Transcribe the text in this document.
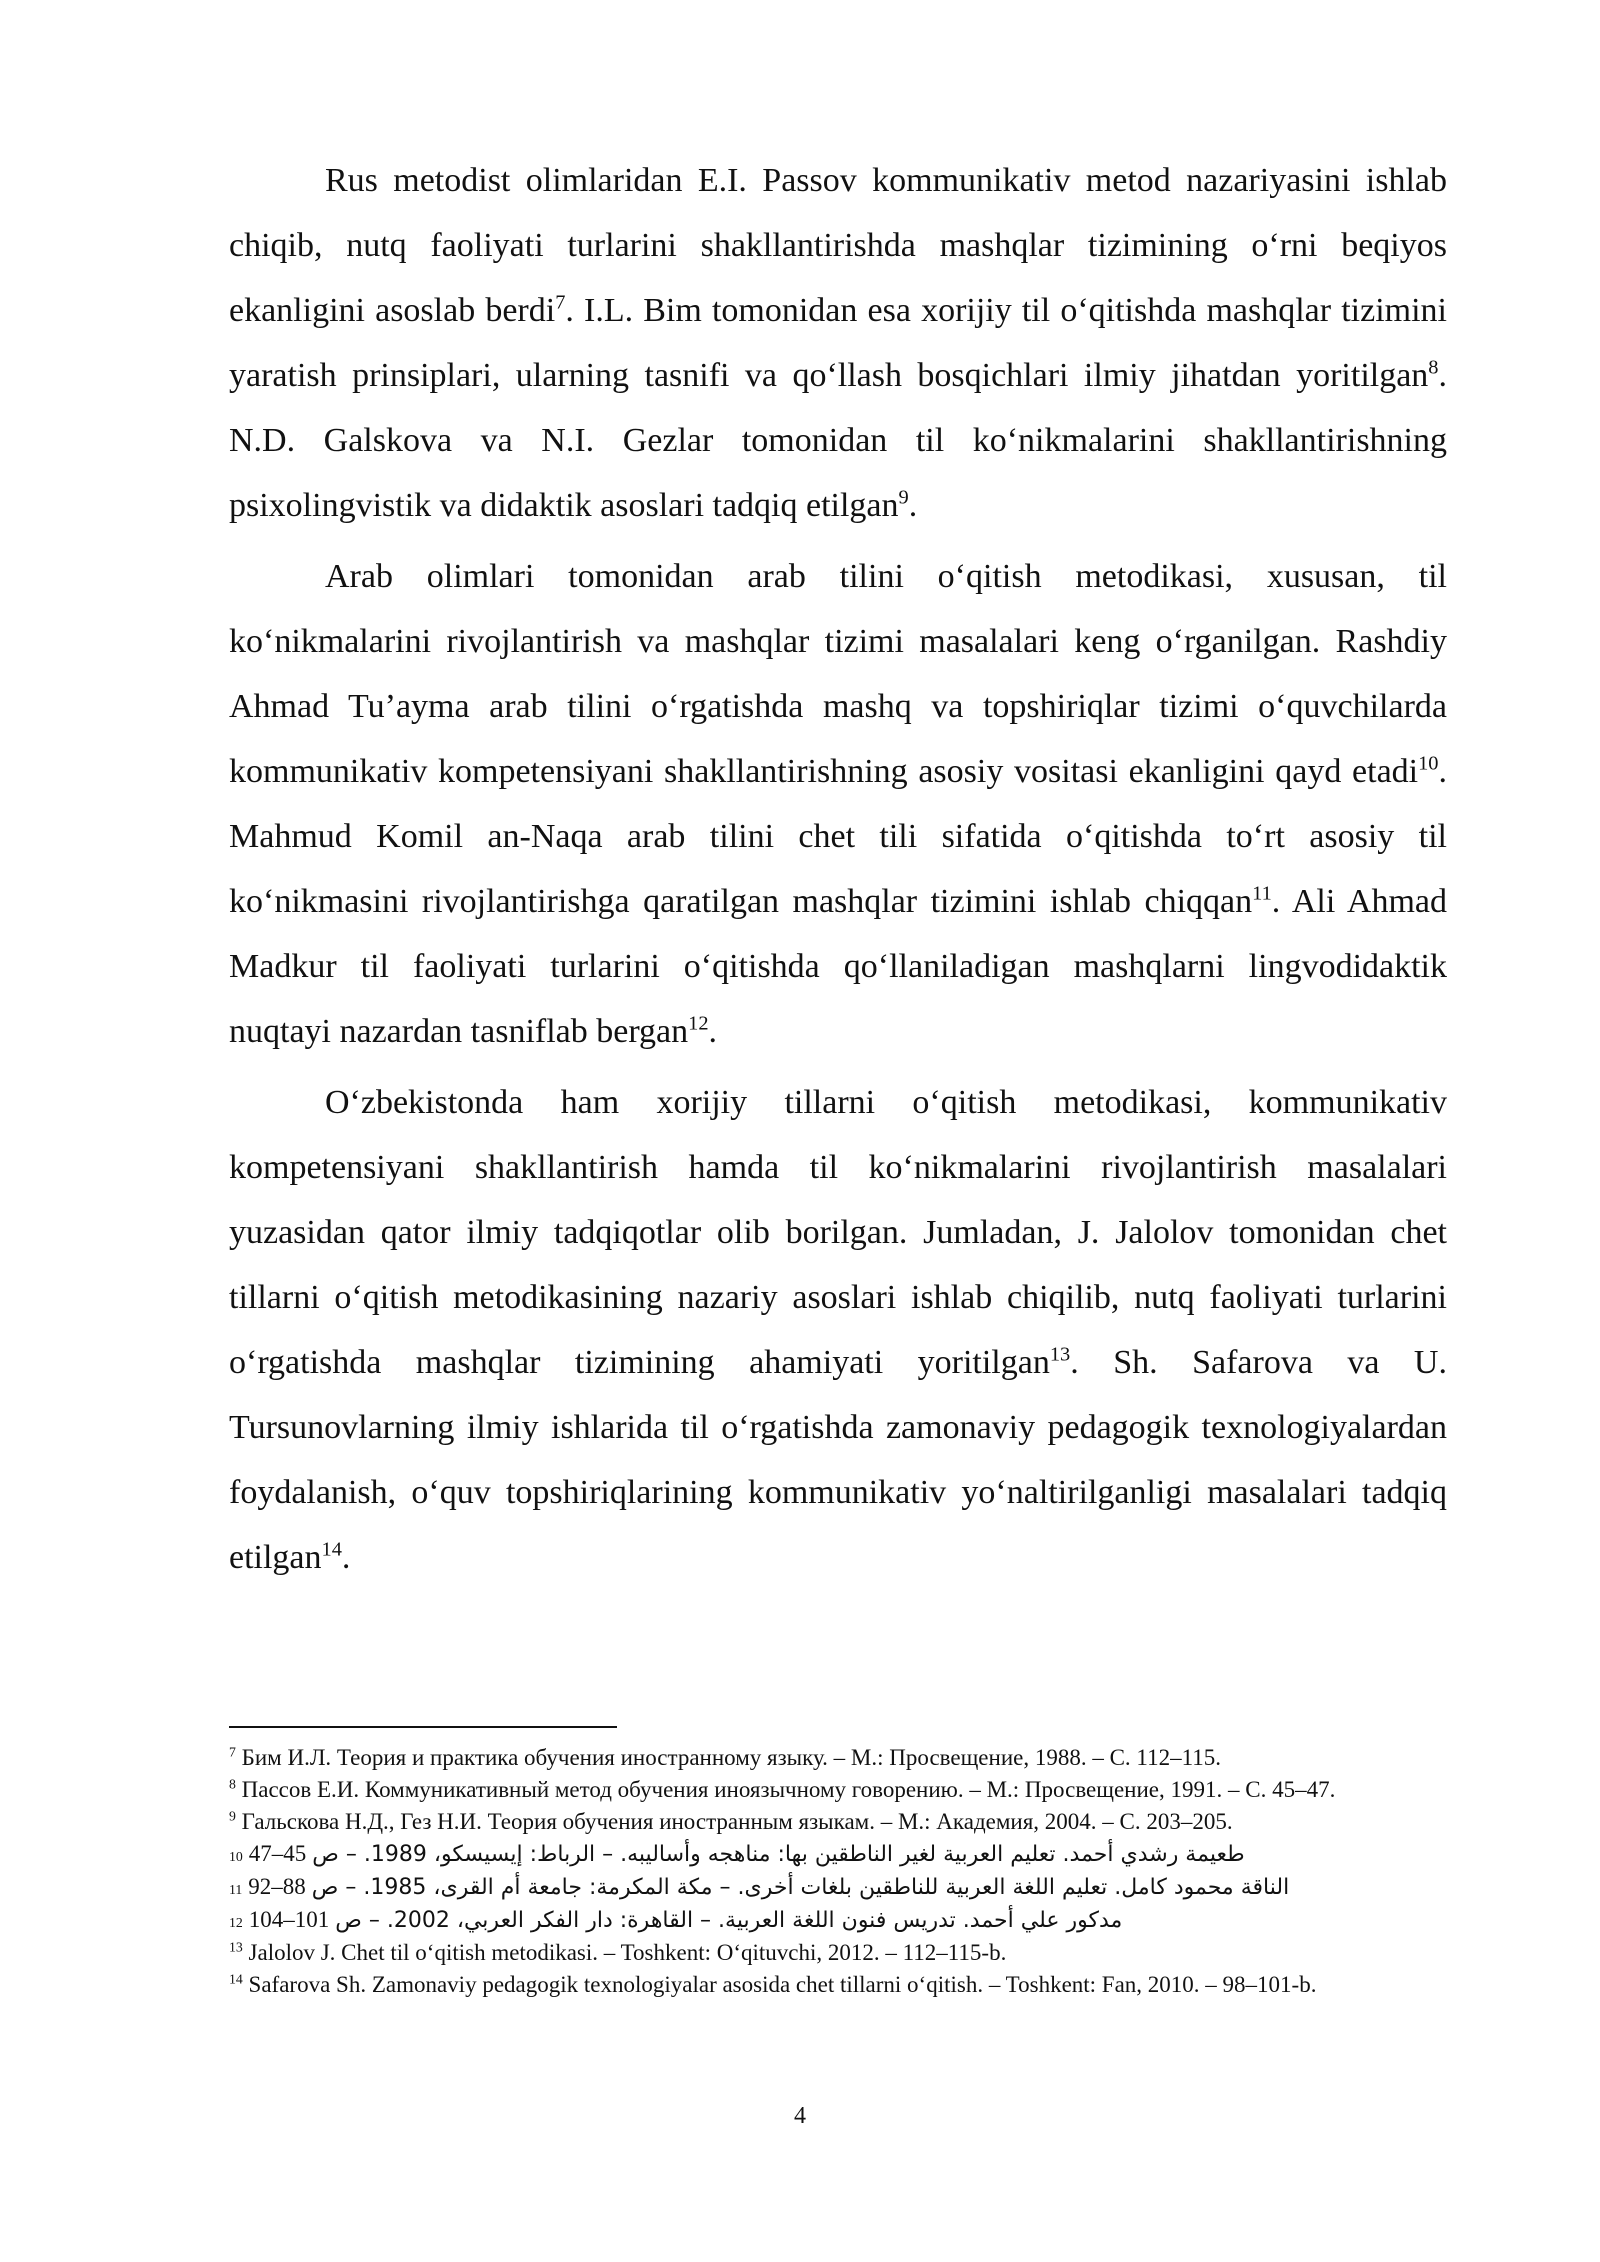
Rus metodist olimlaridan E.I. Passov kommunikativ metod nazariyasini ishlab chiqib, nutq faoliyati turlarini shakllantirishda mashqlar tizimining o‘rni beqiyos ekanligini asoslab berdi$^7$. I.L. Bim tomonidan esa xorijiy til o‘qitishda mashqlar tizimini yaratish prinsiplari, ularning tasnifi va qo‘llash bosqichlari ilmiy jihatdan yoritilgan$^8$. N.D. Galskova va N.I. Gezlar tomonidan til ko‘nikmalarini shakllantirishning psixolingvistik va didaktik asoslari tadqiq etilgan$^9$.

Arab olimlari tomonidan arab tilini o‘qitish metodikasi, xususan, til ko‘nikmalarini rivojlantirish va mashqlar tizimi masalalari keng o‘rganilgan. Rashdiy Ahmad Tu’ayma arab tilini o‘rgatishda mashq va topshiriqlar tizimi o‘quvchilarda kommunikativ kompetensiyani shakllantirishning asosiy vositasi ekanligini qayd etadi$^{10}$. Mahmud Komil an-Naqa arab tilini chet tili sifatida o‘qitishda to‘rt asosiy til ko‘nikmasini rivojlantirishga qaratilgan mashqlar tizimini ishlab chiqqan$^{11}$. Ali Ahmad Madkur til faoliyati turlarini o‘qitishda qo‘llaniladigan mashqlarni lingvodidaktik nuqtayi nazardan tasniflab bergan$^{12}$.

O‘zbekistonda ham xorijiy tillarni o‘qitish metodikasi, kommunikativ kompetensiyani shakllantirish hamda til ko‘nikmalarini rivojlantirish masalalari yuzasidan qator ilmiy tadqiqotlar olib borilgan. Jumladan, J. Jalolov tomonidan chet tillarni o‘qitish metodikasining nazariy asoslari ishlab chiqilib, nutq faoliyati turlarini o‘rgatishda mashqlar tizimining ahamiyati yoritilgan$^{13}$. Sh. Safarova va U. Tursunovlarning ilmiy ishlarida til o‘rgatishda zamonaviy pedagogik texnologiyalardan foydalanish, o‘quv topshiriqlarining kommunikativ yo‘naltirilganligi masalalari tadqiq etilgan$^{14}$.

$^7$ Бим И.Л. Теория и практика обучения иностранному языку. – М.: Просвещение, 1988. – С. 112–115.

$^8$ Пассов Е.И. Коммуникативный метод обучения иноязычному говорению. – М.: Просвещение, 1991. – С. 45–47.

$^9$ Гальскова Н.Д., Гез Н.И. Теория обучения иностранным языкам. – М.: Академия, 2004. – С. 203–205.

10 47–45 طعيمة رشدي أحمد. تعليم العربية لغير الناطقين بها: مناهجه وأساليبه. – الرباط: إيسيسكو، 1989. – ص

11 92–88 الناقة محمود كامل. تعليم اللغة العربية للناطقين بلغات أخرى. – مكة المكرمة: جامعة أم القرى، 1985. – ص

12 104–101 مدكور علي أحمد. تدريس فنون اللغة العربية. – القاهرة: دار الفكر العربي، 2002. – ص

$^{13}$ Jalolov J. Chet til o‘qitish metodikasi. – Toshkent: O‘qituvchi, 2012. – 112–115-b.

$^{14}$ Safarova Sh. Zamonaviy pedagogik texnologiyalar asosida chet tillarni o‘qitish. – Toshkent: Fan, 2010. – 98–101-b.

4
